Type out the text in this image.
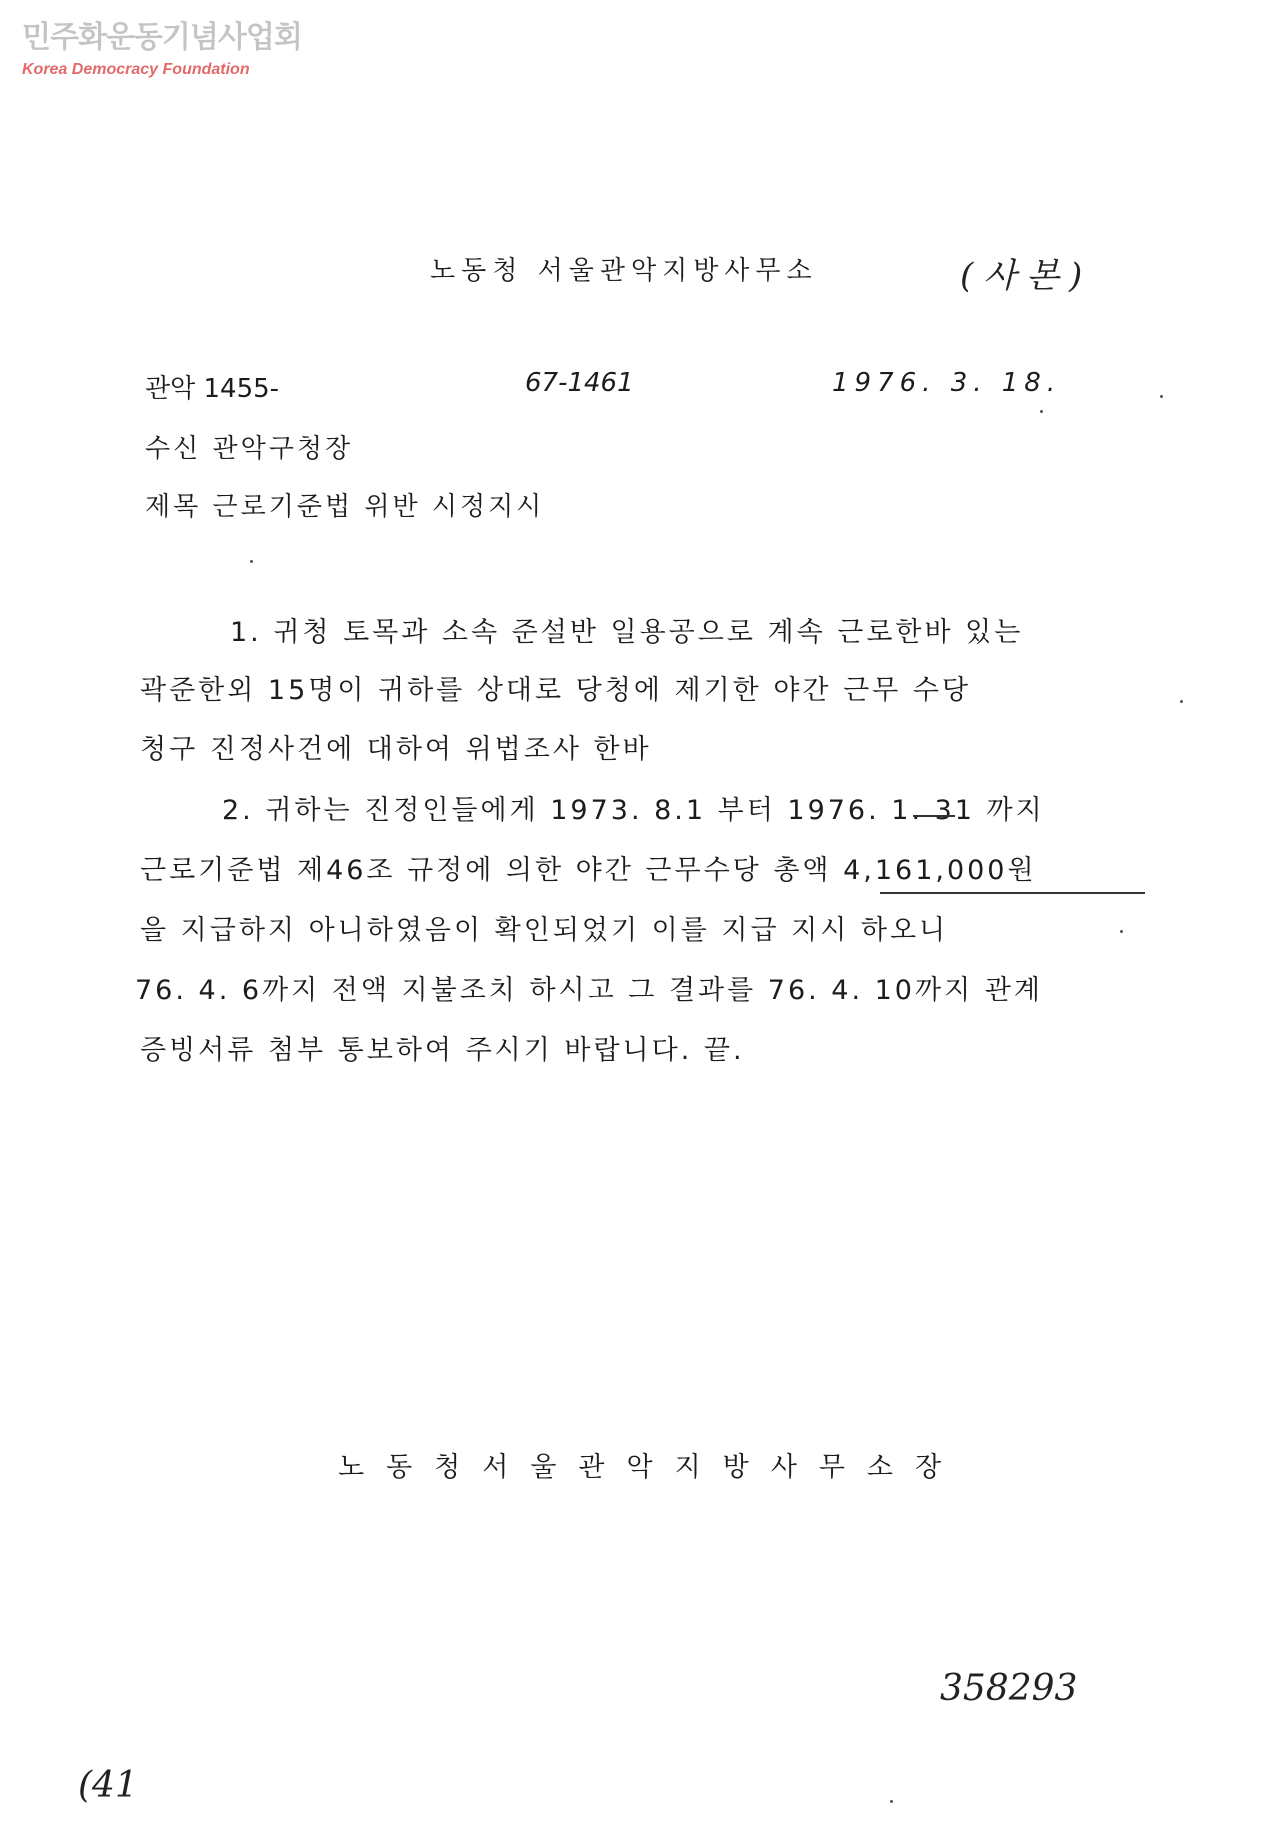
민주화운동기념사업회
Korea Democracy Foundation
노동청 서울관악지방사무소	(사본)
관악 1455-	67-1461	1976. 3. 18.
수신 관악구청장
제목 근로기준법 위반 시정지시
1. 귀청 토목과 소속 준설반 일용공으로 계속 근로한바 있는
곽준한외 15명이 귀하를 상대로 당청에 제기한 야간 근무 수당
청구 진정사건에 대하여 위법조사 한바
2. 귀하는 진정인들에게 1973. 8.1 부터 1976. 1. 31 까지
근로기준법 제46조 규정에 의한 야간 근무수당 총액 4,161,000원
을 지급하지 아니하였음이 확인되었기 이를 지급 지시 하오니
76. 4. 6까지 전액 지불조치 하시고 그 결과를 76. 4. 10까지 관계
증빙서류 첨부 통보하여 주시기 바랍니다. 끝.
노동청서울관악지방사무소장
358293
(41
